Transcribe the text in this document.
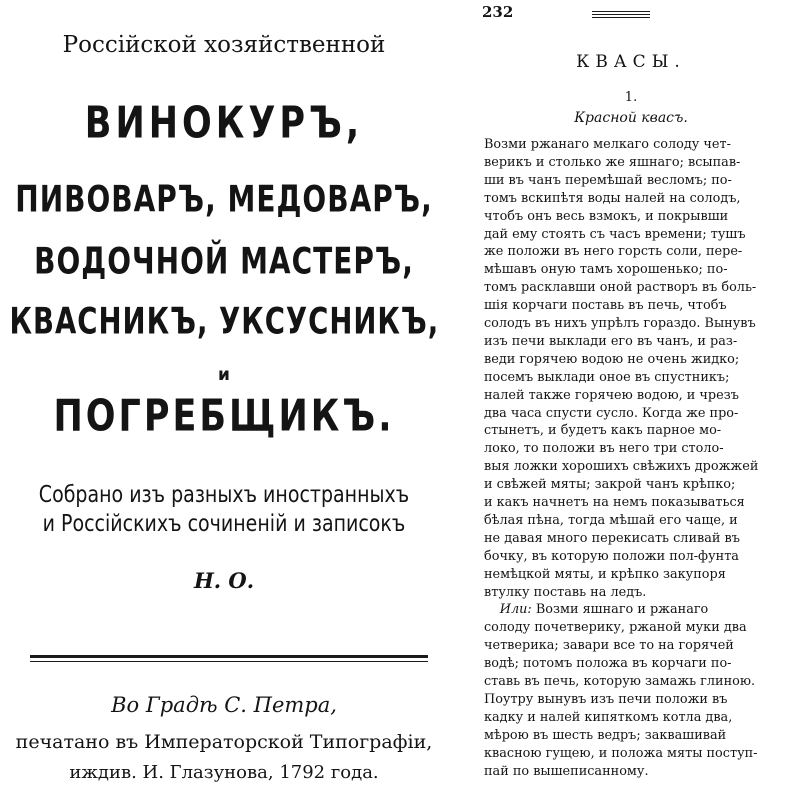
Россійской хозяйственной
ВИНОКУРЪ,
ПИВОВАРЪ, МЕДОВАРЪ,
ВОДОЧНОЙ МАСТЕРЪ,
КВАСНИКЪ, УКСУСНИКЪ,
и
ПОГРЕБЩИКЪ.
Собрано изъ разныхъ иностранныхъ
и Россійскихъ сочиненій и записокъ
Н. О.
Во Градѣ С. Петра,
печатано въ Императорской Типографіи,
иждив. И. Глазунова, 1792 года.
232
КВАСЫ.
1.
Красной квасъ.
Возми ржанаго мелкаго солоду чет-
верикъ и столько же яшнаго; всыпав-
ши въ чанъ перемѣшай весломъ; по-
томъ вскипѣтя воды налей на солодъ,
чтобъ онъ весь взмокъ, и покрывши
дай ему стоять съ часъ времени; тушъ
же положи въ него горсть соли, пере-
мѣшавъ оную тамъ хорошенько; по-
томъ расклавши оной растворъ въ боль-
шія корчаги поставь въ печь, чтобъ
солодъ въ нихъ упрѣлъ гораздо. Вынувъ
изъ печи выклади его въ чанъ, и раз-
веди горячею водою не очень жидко;
посемъ выклади оное въ спустникъ;
налей также горячею водою, и чрезъ
два часа спусти сусло. Когда же про-
стынетъ, и будетъ какъ парное мо-
локо, то положи въ него три столо-
выя ложки хорошихъ свѣжихъ дрожжей
и свѣжей мяты; закрой чанъ крѣпко;
и какъ начнетъ на немъ показываться
бѣлая пѣна, тогда мѣшай его чаще, и
не давая много перекисать сливай въ
бочку, въ которую положи пол-фунта
немѣцкой мяты, и крѣпко закупоря
втулку поставь на ледъ.
Или: Возми яшнаго и ржанаго
солоду почетверику, ржаной муки два
четверика; завари все то на горячей
водѣ; потомъ положа въ корчаги по-
ставь въ печь, которую замажь глиною.
Поутру вынувъ изъ печи положи въ
кадку и налей кипяткомъ котла два,
мѣрою въ шесть ведръ; заквашивай
квасною гущею, и положа мяты поступ-
пай по вышеписанному.
